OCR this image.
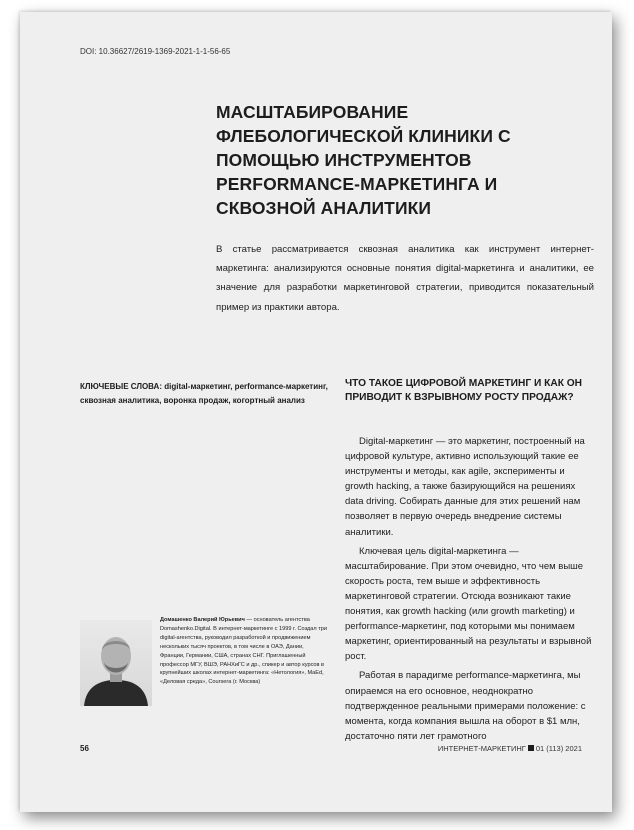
DOI: 10.36627/2619-1369-2021-1-1-56-65
МАСШТАБИРОВАНИЕ ФЛЕБОЛОГИЧЕСКОЙ КЛИНИКИ С ПОМОЩЬЮ ИНСТРУМЕНТОВ PERFORMANCE-МАРКЕТИНГА И СКВОЗНОЙ АНАЛИТИКИ

В статье рассматривается сквозная аналитика как инструмент интернет-маркетинга: анализируются основные понятия digital-маркетинга и аналитики, ее значение для разработки маркетинговой стратегии, приводится показательный пример из практики автора.

КЛЮЧЕВЫЕ СЛОВА: digital-маркетинг, performance-маркетинг, сквозная аналитика, воронка продаж, когортный анализ

ЧТО ТАКОЕ ЦИФРОВОЙ МАРКЕТИНГ И КАК ОН ПРИВОДИТ К ВЗРЫВНОМУ РОСТУ ПРОДАЖ?

Digital-маркетинг — это маркетинг, построенный на цифровой культуре, активно использующий такие ее инструменты и методы, как agile, эксперименты и growth hacking, а также базирующийся на решениях data driving. Собирать данные для этих решений нам позволяет в первую очередь внедрение системы аналитики.

Ключевая цель digital-маркетинга — масштабирование. При этом очевидно, что чем выше скорость роста, тем выше и эффективность маркетинговой стратегии. Отсюда возникают такие понятия, как growth hacking (или growth marketing) и performance-маркетинг, под которыми мы понимаем маркетинг, ориентированный на результаты и взрывной рост.

Работая в парадигме performance-маркетинга, мы опираемся на его основное, неоднократно подтвержденное реальными примерами положение: с момента, когда компания вышла на оборот в $1 млн, достаточно пяти лет грамотного

Домашенко Валерий Юрьевич — основатель агентства Domashenko.Digital. В интернет-маркетинге с 1999 г. Создал три digital-агентства, руководил разработкой и продвижением нескольких тысяч проектов, в том числе в ОАЭ, Дании, Франции, Германии, США, странах СНГ. Приглашенный профессор МГУ, ВШЭ, РАНХиГС и др., спикер и автор курсов в крупнейших школах интернет-маркетинга: «Нетология», MaEd, «Деловая среда», Coursera (г. Москва)

56	ИНТЕРНЕТ-МАРКЕТИНГ 01 (113) 2021
